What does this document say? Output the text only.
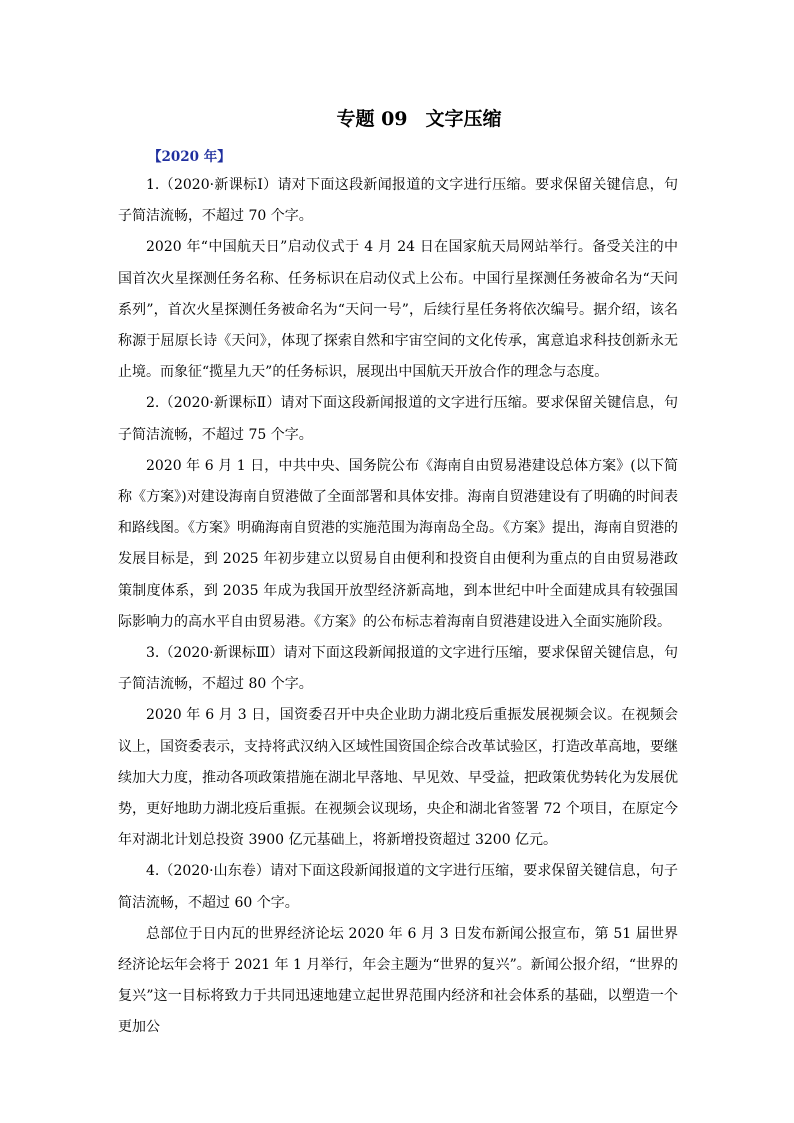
专题 09 文字压缩
【2020 年】

1.（2020·新课标Ⅰ）请对下面这段新闻报道的文字进行压缩。要求保留关键信息，句子简洁流畅，不超过 70 个字。

2020 年“中国航天日”启动仪式于 4 月 24 日在国家航天局网站举行。备受关注的中国首次火星探测任务名称、任务标识在启动仪式上公布。中国行星探测任务被命名为“天问系列”，首次火星探测任务被命名为“天问一号”，后续行星任务将依次编号。据介绍，该名称源于屈原长诗《天问》，体现了探索自然和宇宙空间的文化传承，寓意追求科技创新永无止境。而象征“揽星九天”的任务标识，展现出中国航天开放合作的理念与态度。

2.（2020·新课标Ⅱ）请对下面这段新闻报道的文字进行压缩。要求保留关键信息，句子简洁流畅，不超过 75 个字。

2020 年 6 月 1 日，中共中央、国务院公布《海南自由贸易港建设总体方案》(以下简称《方案》)对建设海南自贸港做了全面部署和具体安排。海南自贸港建设有了明确的时间表和路线图。《方案》明确海南自贸港的实施范围为海南岛全岛。《方案》提出，海南自贸港的发展目标是，到 2025 年初步建立以贸易自由便利和投资自由便利为重点的自由贸易港政策制度体系，到 2035 年成为我国开放型经济新高地，到本世纪中叶全面建成具有较强国际影响力的高水平自由贸易港。《方案》的公布标志着海南自贸港建设进入全面实施阶段。

3.（2020·新课标Ⅲ）请对下面这段新闻报道的文字进行压缩，要求保留关键信息，句子简洁流畅，不超过 80 个字。

2020 年 6 月 3 日，国资委召开中央企业助力湖北疫后重振发展视频会议。在视频会议上，国资委表示，支持将武汉纳入区域性国资国企综合改革试验区，打造改革高地，要继续加大力度，推动各项政策措施在湖北早落地、早见效、早受益，把政策优势转化为发展优势，更好地助力湖北疫后重振。在视频会议现场，央企和湖北省签署 72 个项目，在原定今年对湖北计划总投资 3900 亿元基础上，将新增投资超过 3200 亿元。

4.（2020·山东卷）请对下面这段新闻报道的文字进行压缩，要求保留关键信息，句子简洁流畅，不超过 60 个字。

总部位于日内瓦的世界经济论坛 2020 年 6 月 3 日发布新闻公报宣布，第 51 届世界经济论坛年会将于 2021 年 1 月举行，年会主题为“世界的复兴”。新闻公报介绍，“世界的复兴”这一目标将致力于共同迅速地建立起世界范围内经济和社会体系的基础，以塑造一个更加公
